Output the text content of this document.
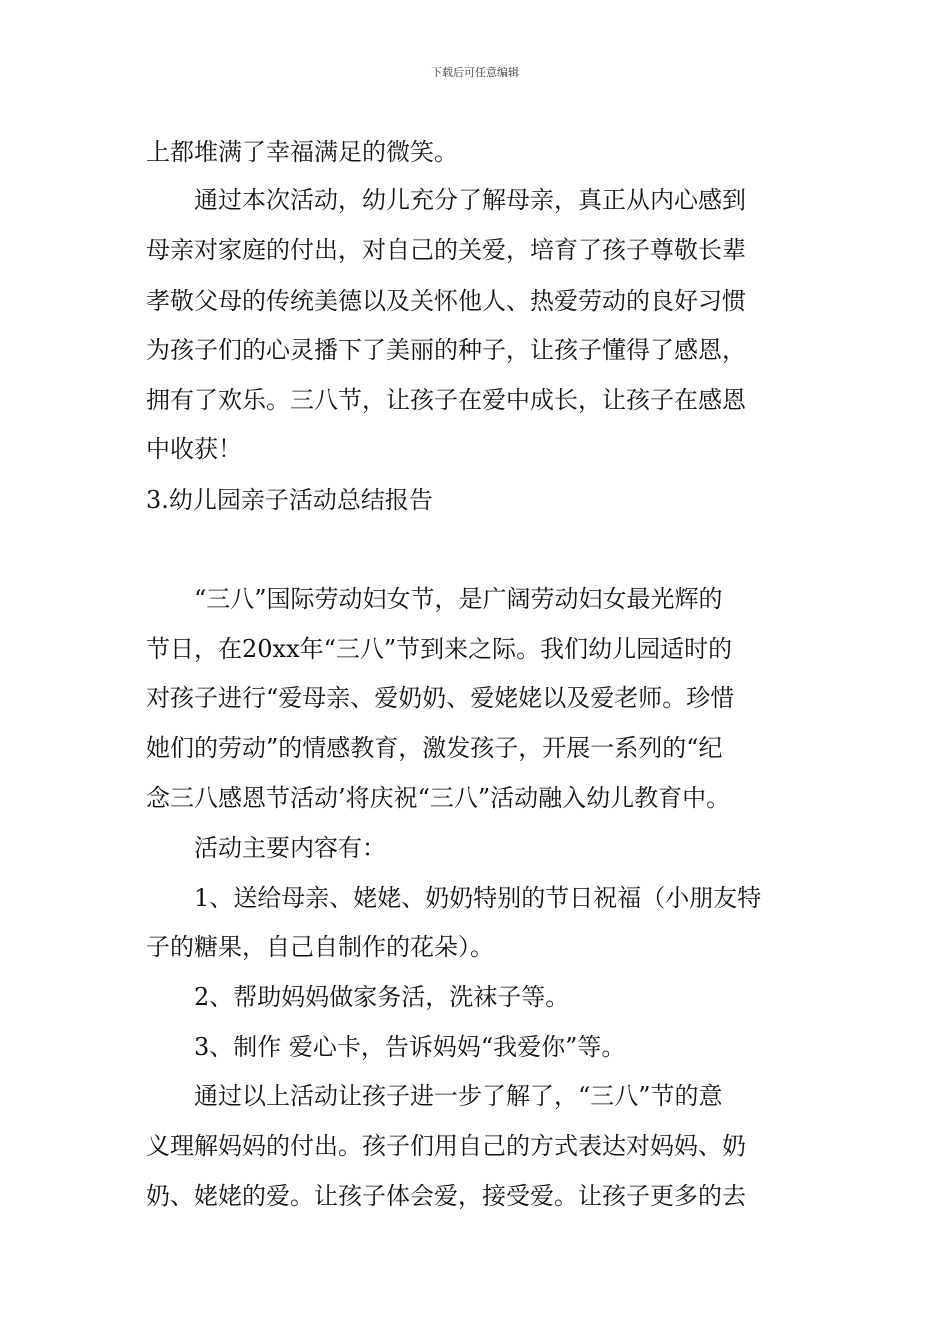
下载后可任意编辑
上都堆满了幸福满足的微笑。
　　通过本次活动，幼儿充分了解母亲，真正从内心感到
母亲对家庭的付出，对自己的关爱，培育了孩子尊敬长辈
孝敬父母的传统美德以及关怀他人、热爱劳动的良好习惯
为孩子们的心灵播下了美丽的种子，让孩子懂得了感恩，
拥有了欢乐。三八节，让孩子在爱中成长，让孩子在感恩
中收获！
3.幼儿园亲子活动总结报告
　　“三八”国际劳动妇女节，是广阔劳动妇女最光辉的
节日，在20xx年“三八”节到来之际。我们幼儿园适时的
对孩子进行“爱母亲、爱奶奶、爱姥姥以及爱老师。珍惜
她们的劳动”的情感教育，激发孩子，开展一系列的“纪
念三八感恩节活动’将庆祝“三八”活动融入幼儿教育中。
　　活动主要内容有：
　　1、送给母亲、姥姥、奶奶特别的节日祝福（小朋友特
子的糖果，自己自制作的花朵）。
　　2、帮助妈妈做家务活，洗袜子等。
　　3、制作 爱心卡，告诉妈妈“我爱你”等。
　　通过以上活动让孩子进一步了解了，“三八”节的意
义理解妈妈的付出。孩子们用自己的方式表达对妈妈、奶
奶、姥姥的爱。让孩子体会爱，接受爱。让孩子更多的去
